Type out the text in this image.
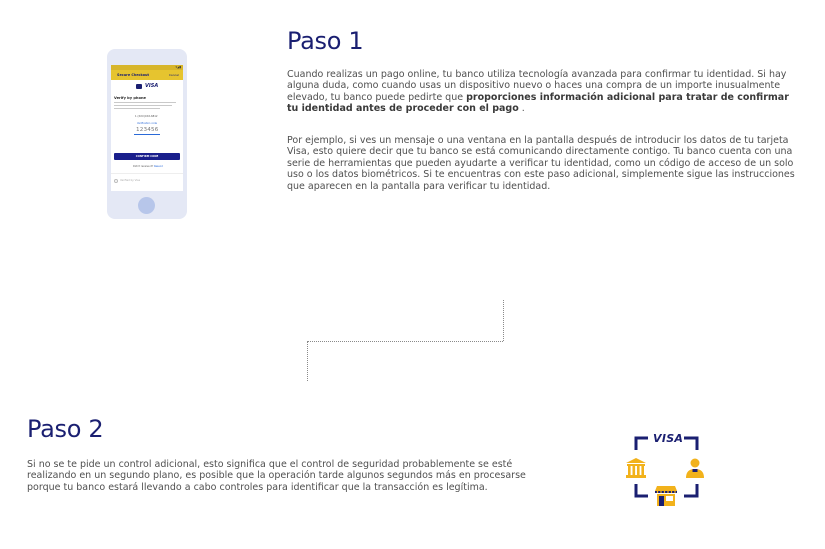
▾◢▮
Secure Checkout	Cancel
VISA
Verify by phone
1 (XXX)XXX-6812
Verification code
123456
CONFIRM CODE
Didn't receive it? Resend
Verified by Visa
Paso 1

Cuando realizas un pago online, tu banco utiliza tecnología avanzada para confirmar tu identidad. Si hay alguna duda, como cuando usas un dispositivo nuevo o haces una compra de un importe inusualmente elevado, tu banco puede pedirte que proporciones información adicional para tratar de confirmar tu identidad antes de proceder con el pago .

Por ejemplo, si ves un mensaje o una ventana en la pantalla después de introducir los datos de tu tarjeta Visa, esto quiere decir que tu banco se está comunicando directamente contigo. Tu banco cuenta con una serie de herramientas que pueden ayudarte a verificar tu identidad, como un código de acceso de un solo uso o los datos biométricos. Si te encuentras con este paso adicional, simplemente sigue las instrucciones que aparecen en la pantalla para verificar tu identidad.

Paso 2

Si no se te pide un control adicional, esto significa que el control de seguridad probablemente se esté realizando en un segundo plano, es posible que la operación tarde algunos segundos más en procesarse porque tu banco estará llevando a cabo controles para identificar que la transacción es legítima.

VISA
